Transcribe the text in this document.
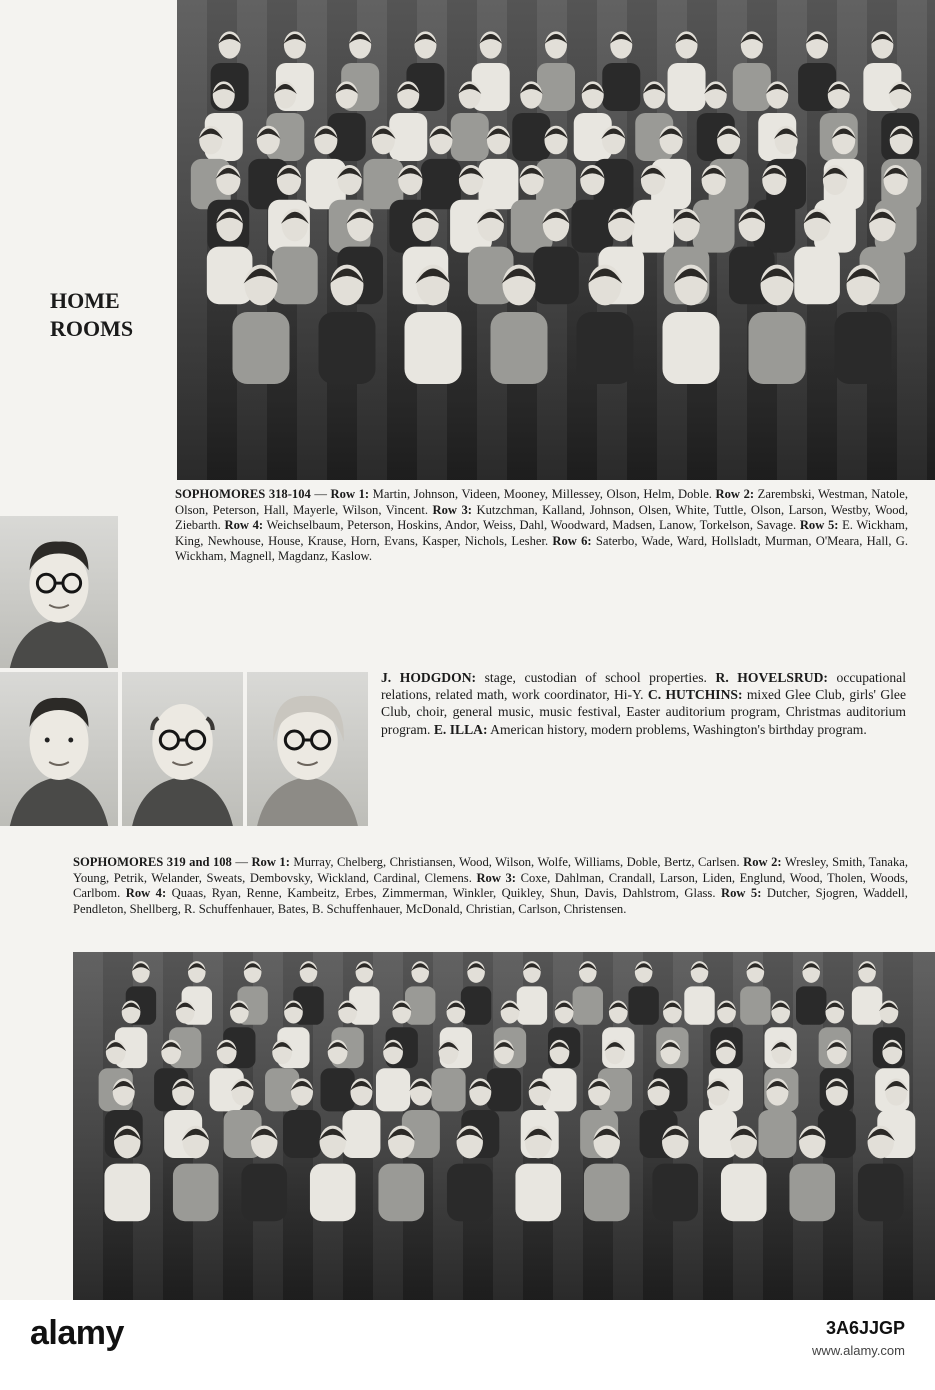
HOME
ROOMS
SOPHOMORES 318-104 — Row 1: Martin, Johnson, Videen, Mooney, Millessey, Olson, Helm, Doble. Row 2: Zarembski, Westman, Natole, Olson, Peterson, Hall, Mayerle, Wilson, Vincent. Row 3: Kutzchman, Kalland, Johnson, Olsen, White, Tuttle, Olson, Larson, Westby, Wood, Ziebarth. Row 4: Weichselbaum, Peterson, Hoskins, Andor, Weiss, Dahl, Woodward, Madsen, Lanow, Torkelson, Savage. Row 5: E. Wickham, King, Newhouse, House, Krause, Horn, Evans, Kasper, Nichols, Lesher. Row 6: Saterbo, Wade, Ward, Hollsladt, Murman, O'Meara, Hall, G. Wickham, Magnell, Magdanz, Kaslow.
J. HODGDON: stage, custodian of school properties. R. HOVELSRUD: occupational relations, related math, work coordinator, Hi-Y. C. HUTCHINS: mixed Glee Club, girls' Glee Club, choir, general music, music festival, Easter auditorium program, Christmas auditorium program. E. ILLA: American history, modern problems, Washington's birthday program.
SOPHOMORES 319 and 108 — Row 1: Murray, Chelberg, Christiansen, Wood, Wilson, Wolfe, Williams, Doble, Bertz, Carlsen. Row 2: Wresley, Smith, Tanaka, Young, Petrik, Welander, Sweats, Dembovsky, Wickland, Cardinal, Clemens. Row 3: Coxe, Dahlman, Crandall, Larson, Liden, Englund, Wood, Tholen, Woods, Carlbom. Row 4: Quaas, Ryan, Renne, Kambeitz, Erbes, Zimmerman, Winkler, Quikley, Shun, Davis, Dahlstrom, Glass. Row 5: Dutcher, Sjogren, Waddell, Pendleton, Shellberg, R. Schuffenhauer, Bates, B. Schuffenhauer, McDonald, Christian, Carlson, Christensen.
alamy	3A6JJGP
www.alamy.com
